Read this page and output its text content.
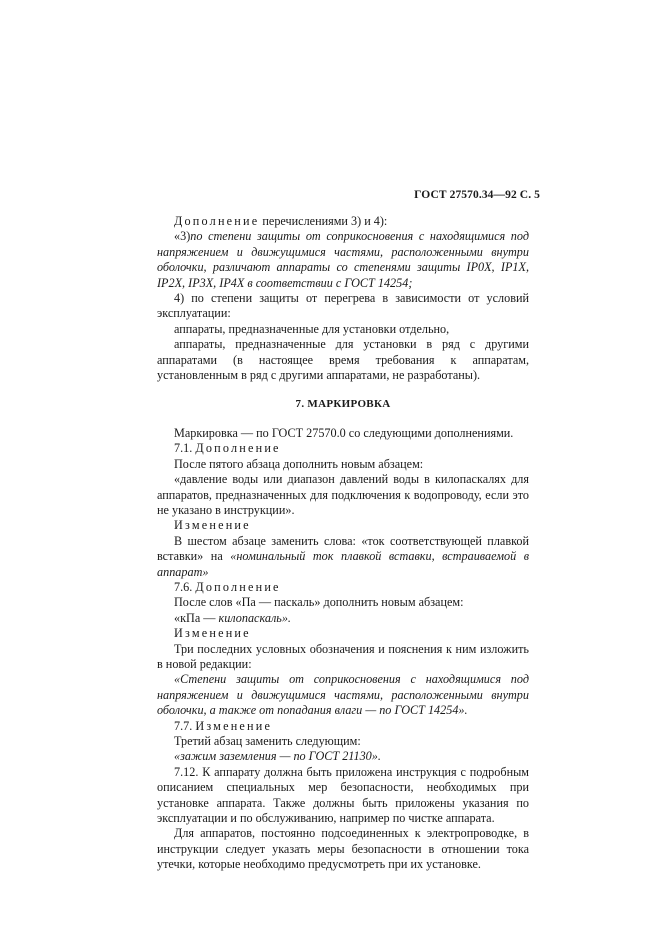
ГОСТ 27570.34—92 С. 5

Дополнение перечислениями 3) и 4):

«3)по степени защиты от соприкосновения с находящимися под напряжением и движущимися частями, расположенными внутри оболочки, различают аппараты со степенями защиты IP0X, IP1X, IP2X, IP3X, IP4X в соответствии с ГОСТ 14254;

4) по степени защиты от перегрева в зависимости от условий эксплуатации:

аппараты, предназначенные для установки отдельно,

аппараты, предназначенные для установки в ряд с другими аппаратами (в настоящее время требования к аппаратам, установленным в ряд с другими аппаратами, не разработаны).

7. МАРКИРОВКА

Маркировка — по ГОСТ 27570.0 со следующими дополнениями.

7.1. Дополнение

После пятого абзаца дополнить новым абзацем:

«давление воды или диапазон давлений воды в килопаскалях для аппаратов, предназначенных для подключения к водопроводу, если это не указано в инструкции».

Изменение

В шестом абзаце заменить слова: «ток соответствующей плавкой вставки» на «номинальный ток плавкой вставки, встраиваемой в аппарат»

7.6. Дополнение

После слов «Па — паскаль» дополнить новым абзацем:

«кПа — килопаскаль».

Изменение

Три последних условных обозначения и пояснения к ним изложить в новой редакции:

«Степени защиты от соприкосновения с находящимися под напряжением и движущимися частями, расположенными внутри оболочки, а также от попадания влаги — по ГОСТ 14254».

7.7. Изменение

Третий абзац заменить следующим:

«зажим заземления — по ГОСТ 21130».

7.12. К аппарату должна быть приложена инструкция с подробным описанием специальных мер безопасности, необходимых при установке аппарата. Также должны быть приложены указания по эксплуатации и по обслуживанию, например по чистке аппарата.

Для аппаратов, постоянно подсоединенных к электропроводке, в инструкции следует указать меры безопасности в отношении тока утечки, которые необходимо предусмотреть при их установке.
